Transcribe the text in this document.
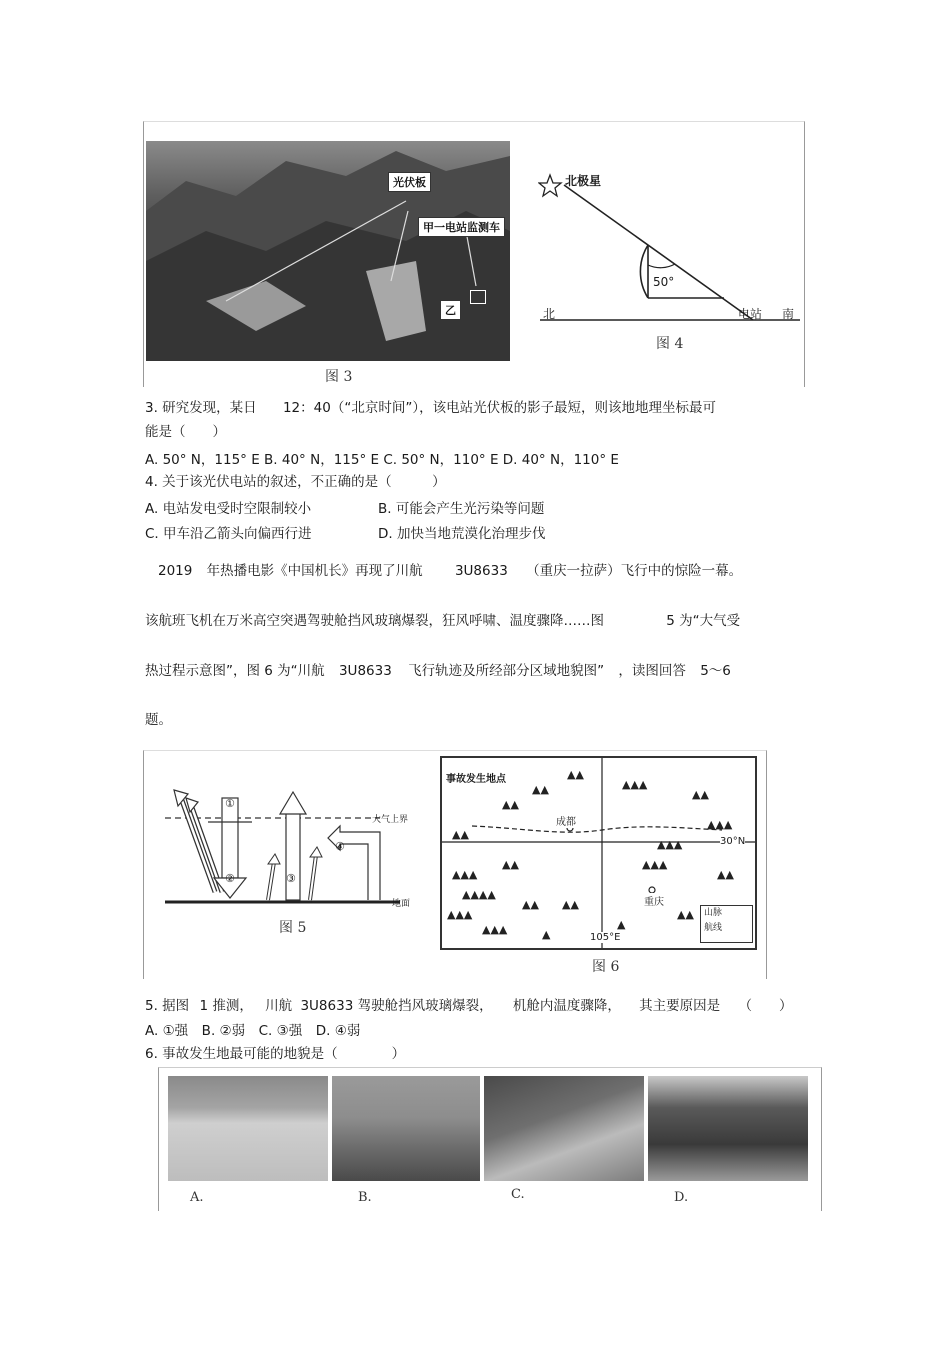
光伏板
甲一电站监测车
乙
图 3
北极星
50°
北	电站 南
图 4
3. 研究发现，某日 12：40（“北京时间”），该电站光伏板的影子最短，则该地地理坐标最可
能是（　　）
A. 50° N，115° E B. 40° N，115° E C. 50° N，110° E D. 40° N，110° E
4. 关于该光伏电站的叙述，不正确的是（　　　）
A. 电站发电受时空限制较小	B. 可能会产生光污染等问题
C. 甲车沿乙箭头向偏西行进	D. 加快当地荒漠化治理步伐
2019 年热播电影《中国机长》再现了川航 3U8633 （重庆一拉萨）飞行中的惊险一幕。
该航班飞机在万米高空突遇驾驶舱挡风玻璃爆裂，狂风呼啸、温度骤降……图	5 为“大气受
热过程示意图”，图 6 为“川航 3U8633 飞行轨迹及所经部分区域地貌图” ，读图回答 5～6
题。
大气上界
地面
①
②	③
④
图 5
▲▲▲
▲▲▲▲
▲▲▲
▲▲▲
▲▲
▲▲
▲▲
▲▲
▲▲
▲▲
▲▲▲
▲▲▲
▲▲▲
▲▲
▲▲▲
▲▲
▲▲
▲
▲▲
▲
事故发生地点
成都
重庆
30°N
105°E
山脉
航线
图 6
5. 据图 1 推测， 川航 3U8633 驾驶舱挡风玻璃爆裂， 机舱内温度骤降， 其主要原因是 （　　）
A. ①强　B. ②弱　C. ③强　D. ④弱
6. 事故发生地最可能的地貌是（　　　　）
A.	B.	C.	D.
